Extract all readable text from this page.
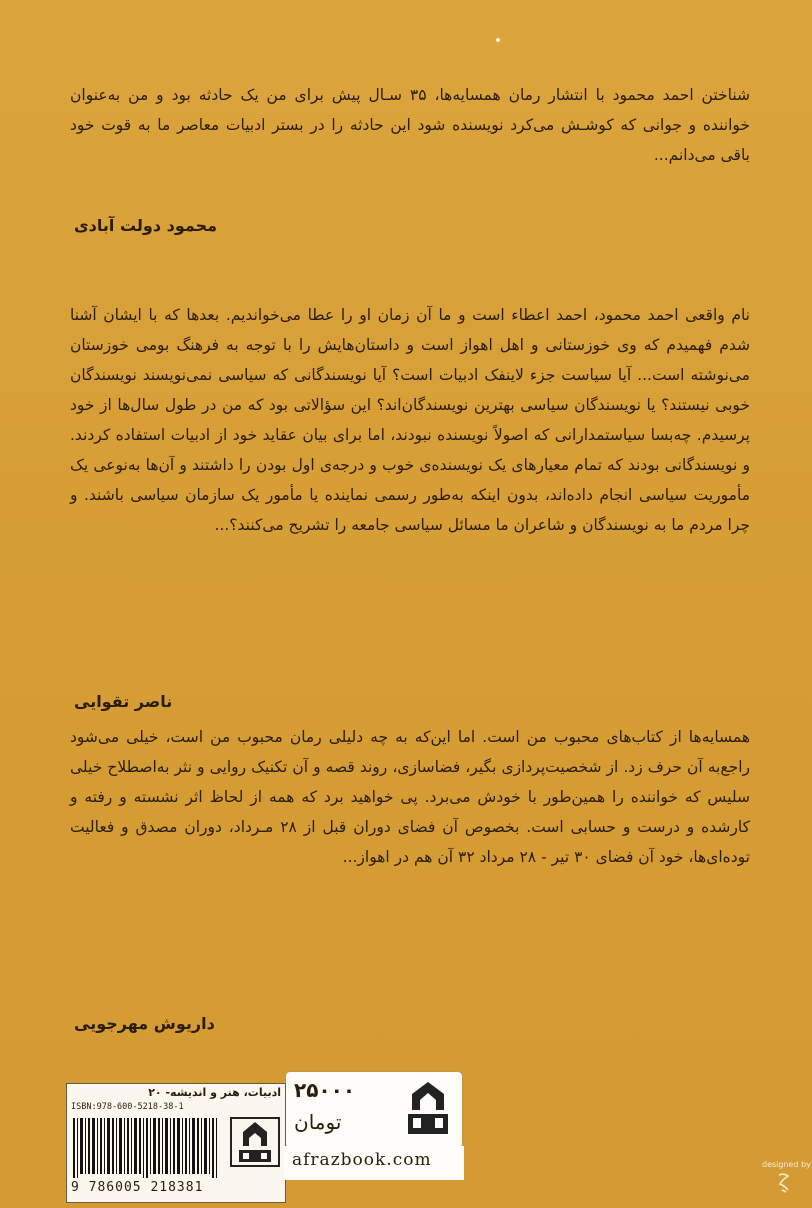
شناختن احمد محمود با انتشار رمان همسایه‌ها، ۳۵ سـال پیش برای من یک حادثه بود و من به‌عنوان خواننده و جوانی که کوشـش می‌کرد نویسنده شود این حادثه را در بستر ادبیات معاصر ما به قوت خود باقی می‌دانم...

محمود دولت آبادی

نام واقعی احمد محمود، احمد اعطاء است و ما آن زمان او را عطا می‌خواندیم. بعدها که با ایشان آشنا شدم فهمیدم که وی خوزستانی و اهل اهواز است و داستان‌هایش را با توجه به فرهنگ بومی خوزستان می‌نوشته است... آیا سیاست جزء لاینفک ادبیات است؟ آیا نویسندگانی که سیاسی نمی‌نویسند نویسندگان خوبی نیستند؟ یا نویسندگان سیاسی بهترین نویسندگان‌اند؟ این سؤالاتی بود که من در طول سال‌ها از خود پرسیدم. چه‌بسا سیاستمدارانی که اصولاً نویسنده نبودند، اما برای بیان عقاید خود از ادبیات استفاده کردند. و نویسندگانی بودند که تمام معیارهای یک نویسنده‌ی خوب و درجه‌ی اول بودن را داشتند و آن‌ها به‌نوعی یک مأموریت سیاسی انجام داده‌اند، بدون اینکه به‌طور رسمی نماینده یا مأمور یک سازمان سیاسی باشند. و چرا مردم ما به نویسندگان و شاعران ما مسائل سیاسی جامعه را تشریح می‌کنند؟...

ناصر تقوایی

همسایه‌ها از کتاب‌های محبوب من است. اما این‌که به چه دلیلی رمان محبوب من است، خیلی می‌شود راجع‌به آن حرف زد. از شخصیت‌پردازی بگیر، فضاسازی، روند قصه و آن تکنیک روایی و نثر به‌اصطلاح خیلی سلیس که خواننده را همین‌طور با خودش می‌برد. پی خواهید برد که همه از لحاظ اثر نشسته و رفته و کارشده و درست و حسابی است. بخصوص آن فضای دوران قبل از ۲۸ مـرداد، دوران مصدق و فعالیت توده‌ای‌ها، خود آن فضای ۳۰ تیر - ۲۸ مرداد ۳۲ آن هم در اهواز...

داریوش مهرجویی
ادبیات، هنر و اندیشه- ۲۰
ISBN:978-600-5218-38-1
9 786005 218381
۲۵۰۰۰
تومان
afrazbook.com	designed by
